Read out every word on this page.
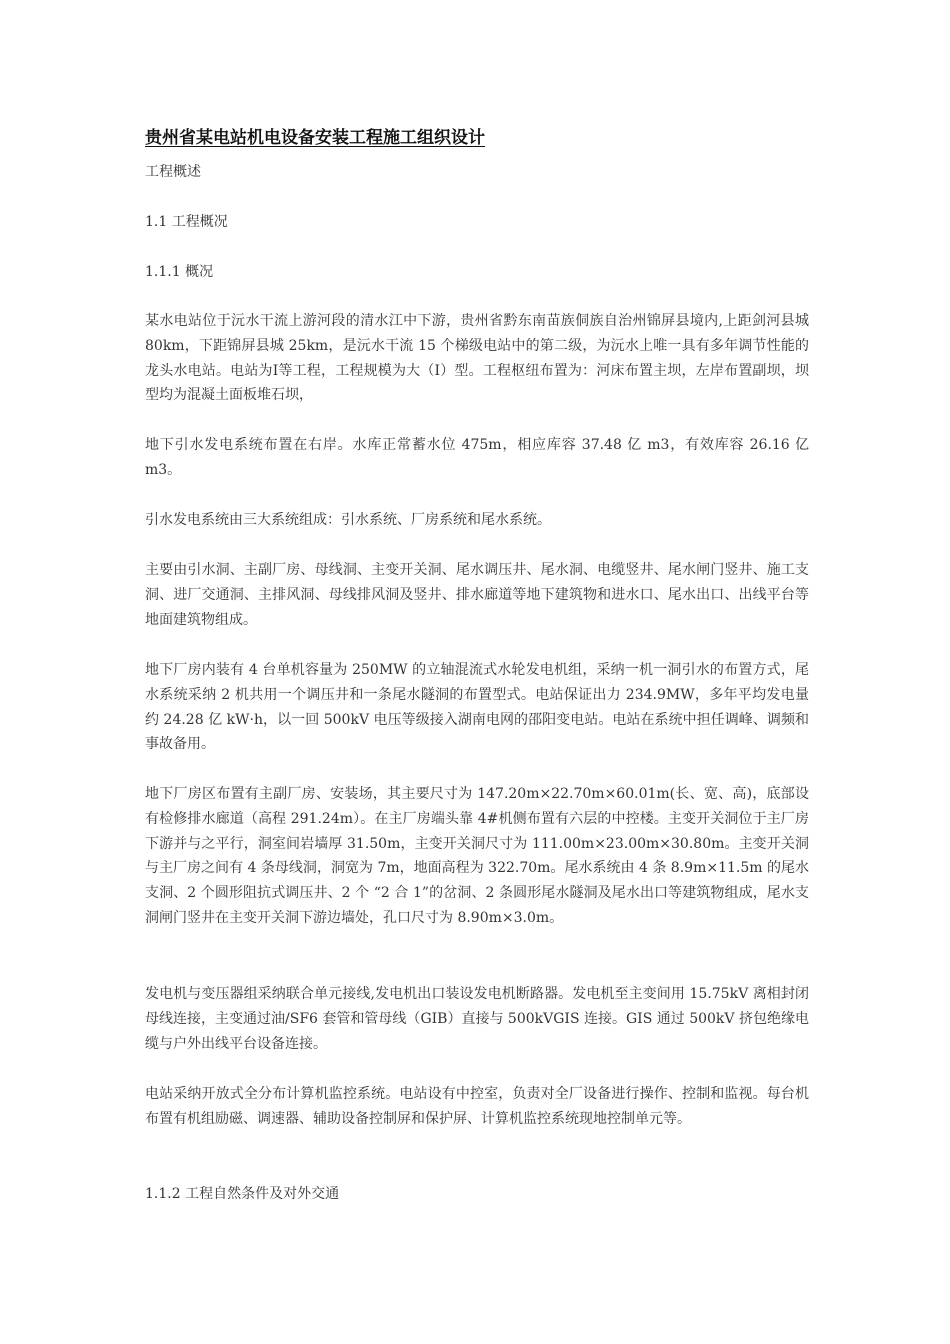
贵州省某电站机电设备安装工程施工组织设计

工程概述

1.1 工程概况

1.1.1 概况

某水电站位于沅水干流上游河段的清水江中下游，贵州省黔东南苗族侗族自治州锦屏县境内,上距剑河县城 80km，下距锦屏县城 25km，是沅水干流 15 个梯级电站中的第二级，为沅水上唯一具有多年调节性能的龙头水电站。电站为Ⅰ等工程，工程规模为大（I）型。工程枢纽布置为：河床布置主坝，左岸布置副坝，坝型均为混凝土面板堆石坝，

地下引水发电系统布置在右岸。水库正常蓄水位 475m，相应库容 37.48 亿 m3，有效库容 26.16 亿 m3。

引水发电系统由三大系统组成：引水系统、厂房系统和尾水系统。

主要由引水洞、主副厂房、母线洞、主变开关洞、尾水调压井、尾水洞、电缆竖井、尾水闸门竖井、施工支洞、进厂交通洞、主排风洞、母线排风洞及竖井、排水廊道等地下建筑物和进水口、尾水出口、出线平台等地面建筑物组成。

地下厂房内装有 4 台单机容量为 250MW 的立轴混流式水轮发电机组，采纳一机一洞引水的布置方式，尾水系统采纳 2 机共用一个调压井和一条尾水隧洞的布置型式。电站保证出力 234.9MW，多年平均发电量约 24.28 亿 kW·h，以一回 500kV 电压等级接入湖南电网的邵阳变电站。电站在系统中担任调峰、调频和事故备用。

地下厂房区布置有主副厂房、安装场，其主要尺寸为 147.20m×22.70m×60.01m(长、宽、高)，底部设有检修排水廊道（高程 291.24m）。在主厂房端头靠 4#机侧布置有六层的中控楼。主变开关洞位于主厂房下游并与之平行，洞室间岩墙厚 31.50m，主变开关洞尺寸为 111.00m×23.00m×30.80m。主变开关洞与主厂房之间有 4 条母线洞，洞宽为 7m，地面高程为 322.70m。尾水系统由 4 条 8.9m×11.5m 的尾水支洞、2 个圆形阻抗式调压井、2 个 “2 合 1”的岔洞、2 条圆形尾水隧洞及尾水出口等建筑物组成，尾水支洞闸门竖井在主变开关洞下游边墙处，孔口尺寸为 8.90m×3.0m。

发电机与变压器组采纳联合单元接线,发电机出口装设发电机断路器。发电机至主变间用 15.75kV 离相封闭母线连接，主变通过油/SF6 套管和管母线（GIB）直接与 500kVGIS 连接。GIS 通过 500kV 挤包绝缘电缆与户外出线平台设备连接。

电站采纳开放式全分布计算机监控系统。电站设有中控室，负责对全厂设备进行操作、控制和监视。每台机布置有机组励磁、调速器、辅助设备控制屏和保护屏、计算机监控系统现地控制单元等。

1.1.2 工程自然条件及对外交通
